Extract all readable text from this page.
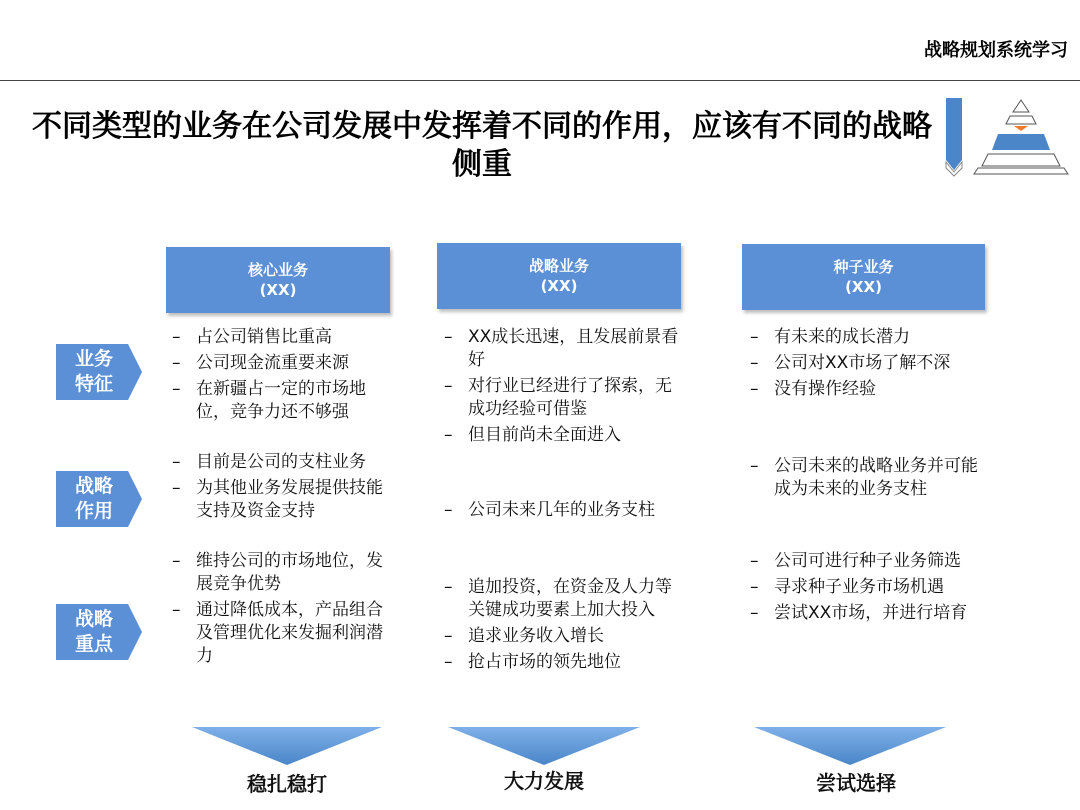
战略规划系统学习
不同类型的业务在公司发展中发挥着不同的作用，应该有不同的战略
侧重
核心业务
(XX)
战略业务
(XX)
种子业务
(XX)
业务
特征
战略
作用
战略
重点
– 占公司销售比重高
– 公司现金流重要来源
– 在新疆占一定的市场地位，竞争力还不够强
– 目前是公司的支柱业务
– 为其他业务发展提供技能支持及资金支持
– 维持公司的市场地位，发展竞争优势
– 通过降低成本，产品组合及管理优化来发掘利润潜力
– XX成长迅速，且发展前景看好
– 对行业已经进行了探索，无成功经验可借鉴
– 但目前尚未全面进入
– 公司未来几年的业务支柱
– 追加投资，在资金及人力等关键成功要素上加大投入
– 追求业务收入增长
– 抢占市场的领先地位
– 有未来的成长潜力
– 公司对XX市场了解不深
– 没有操作经验
– 公司未来的战略业务并可能成为未来的业务支柱
– 公司可进行种子业务筛选
– 寻求种子业务市场机遇
– 尝试XX市场，并进行培育
稳扎稳打	大力发展	尝试选择
